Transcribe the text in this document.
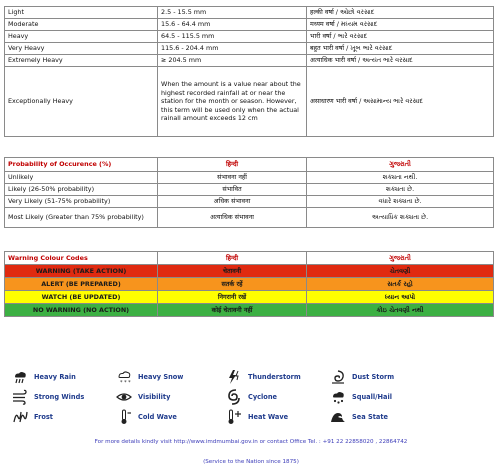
Light	2.5 - 15.5 mm	हल्की वर्षा / ઓછો વરસાદ
Moderate	15.6 - 64.4 mm	मध्यम वर्षा / મધ્યમ વરસાદ
Heavy	64.5 - 115.5 mm	भारी वर्षा / ભારે વરસાદ
Very Heavy	115.6 - 204.4 mm	बहुत भारी वर्षा / ખૂબ ભારે વરસાદ
Extremely Heavy	≥ 204.5 mm	अत्याधिक भारी वर्षा / અત્યંત ભારે વરસાદ
Exceptionally Heavy	When the amount is a value near about the highest recorded rainfall at or near the station for the month or season. However, this term will be used only when the actual rainall amount exceeds 12 cm	असाधारण भारी वर्षा / અસામાન્ય ભારે વરસાદ
Probability of Occurence (%)	हिन्दी	ગુજરાતી
Unlikely	संभावना नहीं	શક્યતા નથી.
Likely (26-50% probability)	संभावित	શક્યતા છે.
Very Likely (51-75% probability)	अधिक संभावना	વધારે શક્યતા છે.
Most Likely (Greater than 75% probability)	अत्याधिक संभावना	અત્યાધિક શક્યતા છે.
Warning Colour Codes	हिन्दी	ગુજરાતી
WARNING (TAKE ACTION)	चेतावनी	ચેતવણી
ALERT (BE PREPARED)	सतर्क रहें	સતર્ક રહો
WATCH (BE UPDATED)	निगरानी रखें	ધ્યાન આપો
NO WARNING (NO ACTION)	कोई चेतावनी नहीं	કોઇ ચેતવણી નથી
Heavy Rain
* * *
Heavy Snow	Thunderstorm	Dust Storm
Strong Winds	Visibility	Cyclone	Squall/Hail
Frost	Cold Wave	Heat Wave	Sea State
For more details kindly visit http://www.imdmumbai.gov.in or contact Office Tel. : +91 22 22858020 , 22864742
(Service to the Nation since 1875)
